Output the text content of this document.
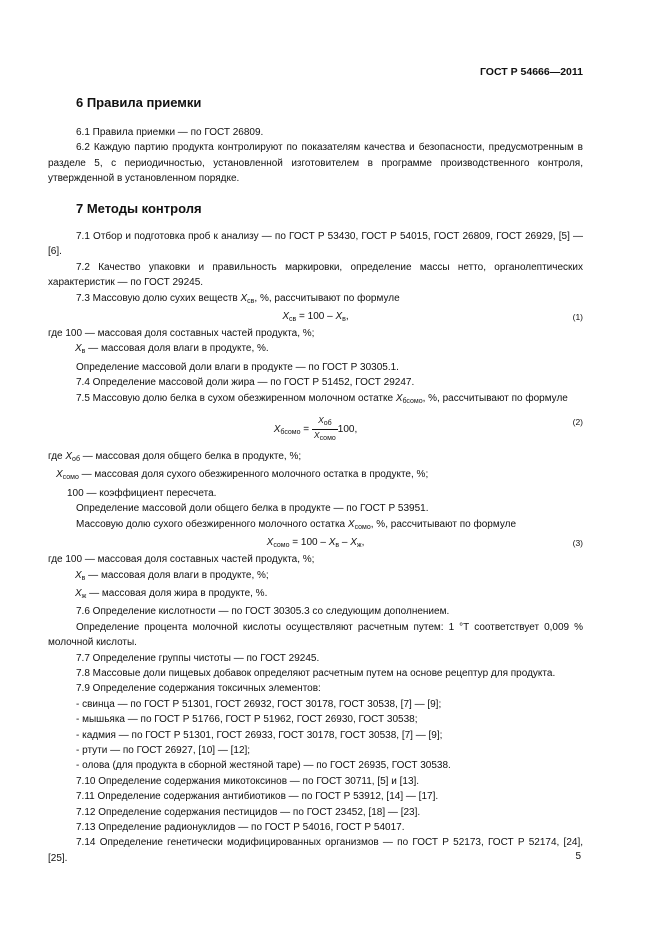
ГОСТ Р 54666—2011
6 Правила приемки

6.1 Правила приемки — по ГОСТ 26809.

6.2 Каждую партию продукта контролируют по показателям качества и безопасности, предусмотренным в разделе 5, с периодичностью, установленной изготовителем в программе производственного контроля, утвержденной в установленном порядке.

7 Методы контроля

7.1 Отбор и подготовка проб к анализу — по ГОСТ Р 53430, ГОСТ Р 54015, ГОСТ 26809, ГОСТ 26929, [5] — [6].

7.2 Качество упаковки и правильность маркировки, определение массы нетто, органолептических характеристик — по ГОСТ 29245.

7.3 Массовую долю сухих веществ $X_{св}$, %, рассчитывают по формуле

$X_{св} = 100 - X_в$,	(1)

где 100 — массовая доля составных частей продукта, %;

$X_в$ — массовая доля влаги в продукте, %.

Определение массовой доли влаги в продукте — по ГОСТ Р 30305.1.

7.4 Определение массовой доли жира — по ГОСТ Р 51452, ГОСТ 29247.

7.5 Массовую долю белка в сухом обезжиренном молочном остатке $X_{бсомо}$, %, рассчитывают по формуле

$X_{бсомо} = \frac{X_{об}}{X_{сомо}} 100$,
(2)

где $X_{об}$ — массовая доля общего белка в продукте, %;

$X_{сомо}$ — массовая доля сухого обезжиренного молочного остатка в продукте, %;

100 — коэффициент пересчета.

Определение массовой доли общего белка в продукте — по ГОСТ Р 53951.

Массовую долю сухого обезжиренного молочного остатка $X_{сомо}$, %, рассчитывают по формуле

$X_{сомо} = 100 - X_в - X_ж$,	(3)

где 100 — массовая доля составных частей продукта, %;

$X_в$ — массовая доля влаги в продукте, %;

$X_ж$ — массовая доля жира в продукте, %.

7.6 Определение кислотности — по ГОСТ 30305.3 со следующим дополнением.

Определение процента молочной кислоты осуществляют расчетным путем: 1 °Т соответствует 0,009 % молочной кислоты.

7.7 Определение группы чистоты — по ГОСТ 29245.

7.8 Массовые доли пищевых добавок определяют расчетным путем на основе рецептур для продукта.

7.9 Определение содержания токсичных элементов:

- свинца — по ГОСТ Р 51301, ГОСТ 26932, ГОСТ 30178, ГОСТ 30538, [7] — [9];

- мышьяка — по ГОСТ Р 51766, ГОСТ Р 51962, ГОСТ 26930, ГОСТ 30538;

- кадмия — по ГОСТ Р 51301, ГОСТ 26933, ГОСТ 30178, ГОСТ 30538, [7] — [9];

- ртути — по ГОСТ 26927, [10] — [12];

- олова (для продукта в сборной жестяной таре) — по ГОСТ 26935, ГОСТ 30538.

7.10 Определение содержания микотоксинов — по ГОСТ 30711, [5] и [13].

7.11 Определение содержания антибиотиков — по ГОСТ Р 53912, [14] — [17].

7.12 Определение содержания пестицидов — по ГОСТ 23452, [18] — [23].

7.13 Определение радионуклидов — по ГОСТ Р 54016, ГОСТ Р 54017.

7.14 Определение генетически модифицированных организмов — по ГОСТ Р 52173, ГОСТ Р 52174, [24], [25].	5
